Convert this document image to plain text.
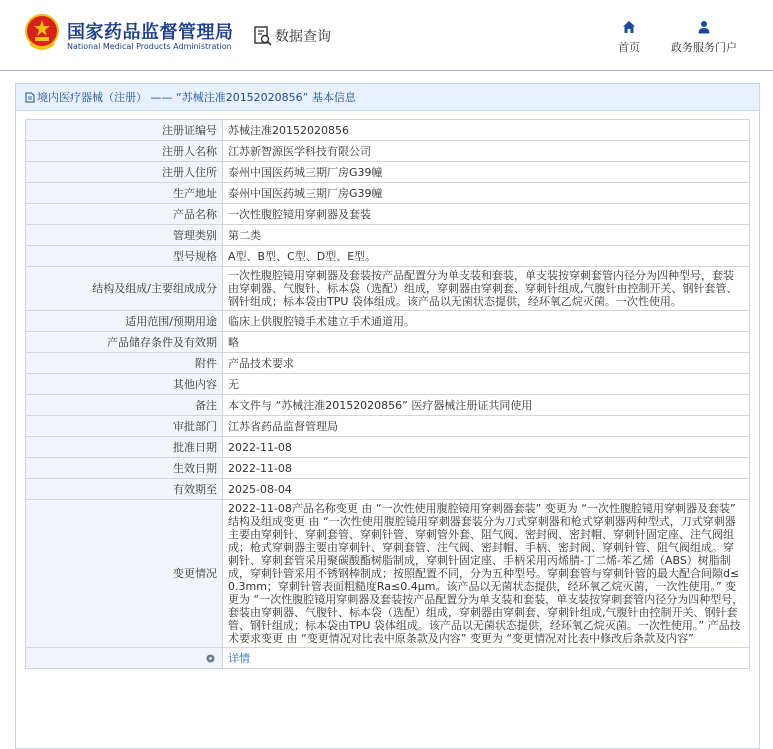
国家药品监督管理局
National Medical Products Administration
数据查询
首页	政务服务门户
境内医疗器械（注册） —— “苏械注准20152020856” 基本信息
注册证编号	苏械注准20152020856
注册人名称	江苏新智源医学科技有限公司
注册人住所	泰州中国医药城三期厂房G39幢
生产地址	泰州中国医药城三期厂房G39幢
产品名称	一次性腹腔镜用穿刺器及套装
管理类别	第二类
型号规格	A型、B型、C型、D型、E型。
结构及组成/主要组成成分	一次性腹腔镜用穿刺器及套装按产品配置分为单支装和套装，单支装按穿刺套管内径分为四种型号，套装由穿刺器、气腹针、标本袋（选配）组成，穿刺器由穿刺套、穿刺针组成,气腹针由控制开关、钢针套管、钢针组成；标本袋由TPU 袋体组成。该产品以无菌状态提供，经环氧乙烷灭菌。一次性使用。
适用范围/预期用途	临床上供腹腔镜手术建立手术通道用。
产品储存条件及有效期	略
附件	产品技术要求
其他内容	无
备注	本文件与 “苏械注准20152020856” 医疗器械注册证共同使用
审批部门	江苏省药品监督管理局
批准日期	2022-11-08
生效日期	2022-11-08
有效期至	2025-08-04
变更情况	2022-11-08产品名称变更 由 “一次性使用腹腔镜用穿刺器套装” 变更为 “一次性腹腔镜用穿刺器及套装” 结构及组成变更 由 “一次性使用腹腔镜用穿刺器套装分为刀式穿刺器和枪式穿刺器两种型式，刀式穿刺器主要由穿刺针、穿刺套管、穿刺针管、穿刺管外套、阻气阀、密封阀、密封帽、穿刺针固定座、注气阀组成；枪式穿刺器主要由穿刺针、穿刺套管、注气阀、密封帽、手柄、密封阀、穿刺针管、阻气阀组成。穿刺针、穿刺套管采用聚碳酸酯树脂制成，穿刺针固定座、手柄采用丙烯腈-丁二烯-苯乙烯（ABS）树脂制成，穿刺针管采用不锈钢棒制成；按照配置不同，分为五种型号。穿刺套管与穿刺针管的最大配合间隙d≤0.3mm；穿刺针管表面粗糙度Ra≤0.4μm。该产品以无菌状态提供，经环氧乙烷灭菌，一次性使用。” 变更为 “一次性腹腔镜用穿刺器及套装按产品配置分为单支装和套装，单支装按穿刺套管内径分为四种型号，套装由穿刺器、气腹针、标本袋（选配）组成，穿刺器由穿刺套、穿刺针组成,气腹针由控制开关、钢针套管、钢针组成；标本袋由TPU 袋体组成。该产品以无菌状态提供，经环氧乙烷灭菌。一次性使用。” 产品技术要求变更 由 “变更情况对比表中原条款及内容” 变更为 “变更情况对比表中修改后条款及内容”
	详情
